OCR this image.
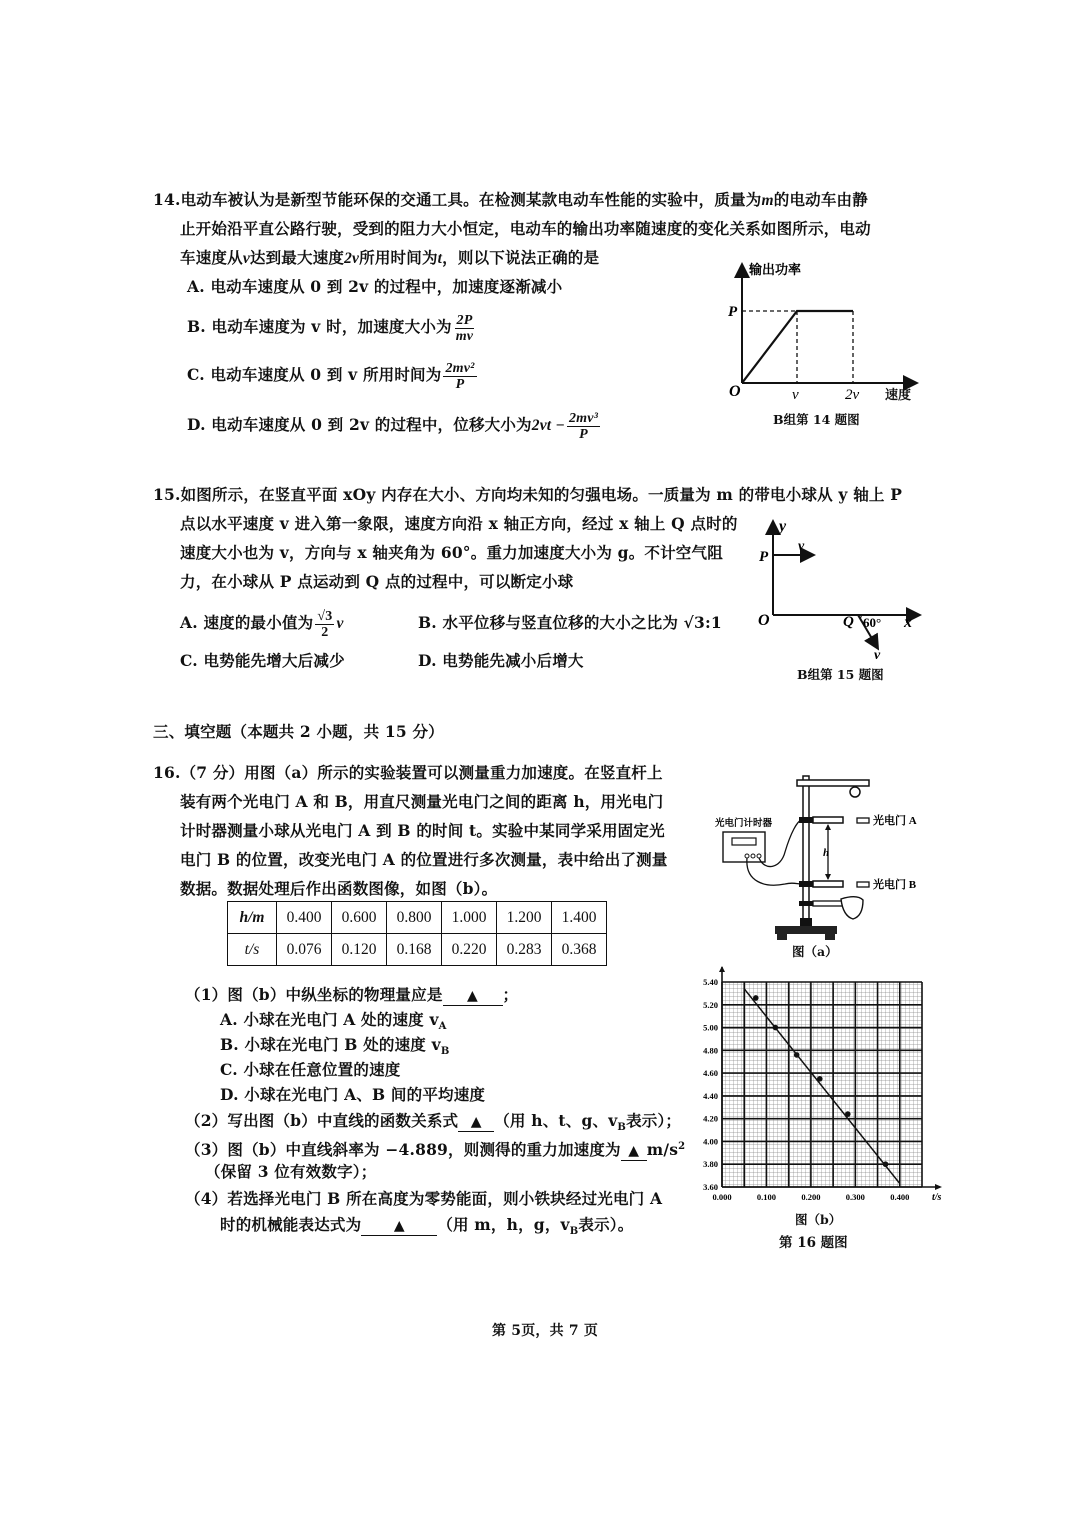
14.电动车被认为是新型节能环保的交通工具。在检测某款电动车性能的实验中，质量为m的电动车由静
止开始沿平直公路行驶，受到的阻力大小恒定，电动车的输出功率随速度的变化关系如图所示，电动
车速度从v达到最大速度2v所用时间为t，则以下说法正确的是
A. 电动车速度从 0 到 2v 的过程中，加速度逐渐减小
B. 电动车速度为 v 时，加速度大小为 $\frac{2P}{mv}$
C. 电动车速度从 0 到 v 所用时间为 $\frac{\text{2mv²}}{P}$
D. 电动车速度从 0 到 2v 的过程中，位移大小为$2vt - \frac{\text{2mv³}}{P}$
输出功率
P
O	v	2v 速度
B组第 14 题图
15.如图所示，在竖直平面 xOy 内存在大小、方向均未知的匀强电场。一质量为 m 的带电小球从 y 轴上 P
点以水平速度 v 进入第一象限，速度方向沿 x 轴正方向，经过 x 轴上 Q 点时的
速度大小也为 v，方向与 x 轴夹角为 60°。重力加速度大小为 g。不计空气阻
力，在小球从 P 点运动到 Q 点的过程中，可以断定小球
A. 速度的最小值为 $\frac{√3}{2}$ v	B. 水平位移与竖直位移的大小之比为 √3:1
C. 电势能先增大后减少	D. 电势能先减小后增大
y
v
P
O	Q 60° x
v
B组第 15 题图
三、填空题（本题共 2 小题，共 15 分）
16.（7 分）用图（a）所示的实验装置可以测量重力加速度。在竖直杆上
装有两个光电门 A 和 B，用直尺测量光电门之间的距离 h，用光电门
计时器测量小球从光电门 A 到 B 的时间 t。实验中某同学采用固定光
电门 B 的位置，改变光电门 A 的位置进行多次测量，表中给出了测量
数据。数据处理后作出函数图像，如图（b）。
h/m	0.400	0.600	0.800	1.000	1.200	1.400
t/s	0.076	0.120	0.168	0.220	0.283	0.368
（1）图（b）中纵坐标的物理量应是 ▲ ；
A. 小球在光电门 A 处的速度 $v_A$
B. 小球在光电门 B 处的速度 $v_B$
C. 小球在任意位置的速度
D. 小球在光电门 A、B 间的平均速度
（2）写出图（b）中直线的函数关系式 ▲ （用 h、t、g、$v_B$表示）；
（3）图（b）中直线斜率为 −4.889，则测得的重力加速度为 ▲ $m/s^2$
（保留 3 位有效数字）；
（4）若选择光电门 B 所在高度为零势能面，则小铁块经过光电门 A
时的机械能表达式为 ▲ （用 m，h，g，$v_B$表示）。
h
光电门计时器	光电门 A
光电门 B
图（a）
3.60
3.80
4.00
4.20
4.40
4.60
4.80
5.00
5.20
5.40
0.000	0.100	0.200	0.300	0.400 t/s
图（b）
第 16 题图
第 5页，共 7 页
